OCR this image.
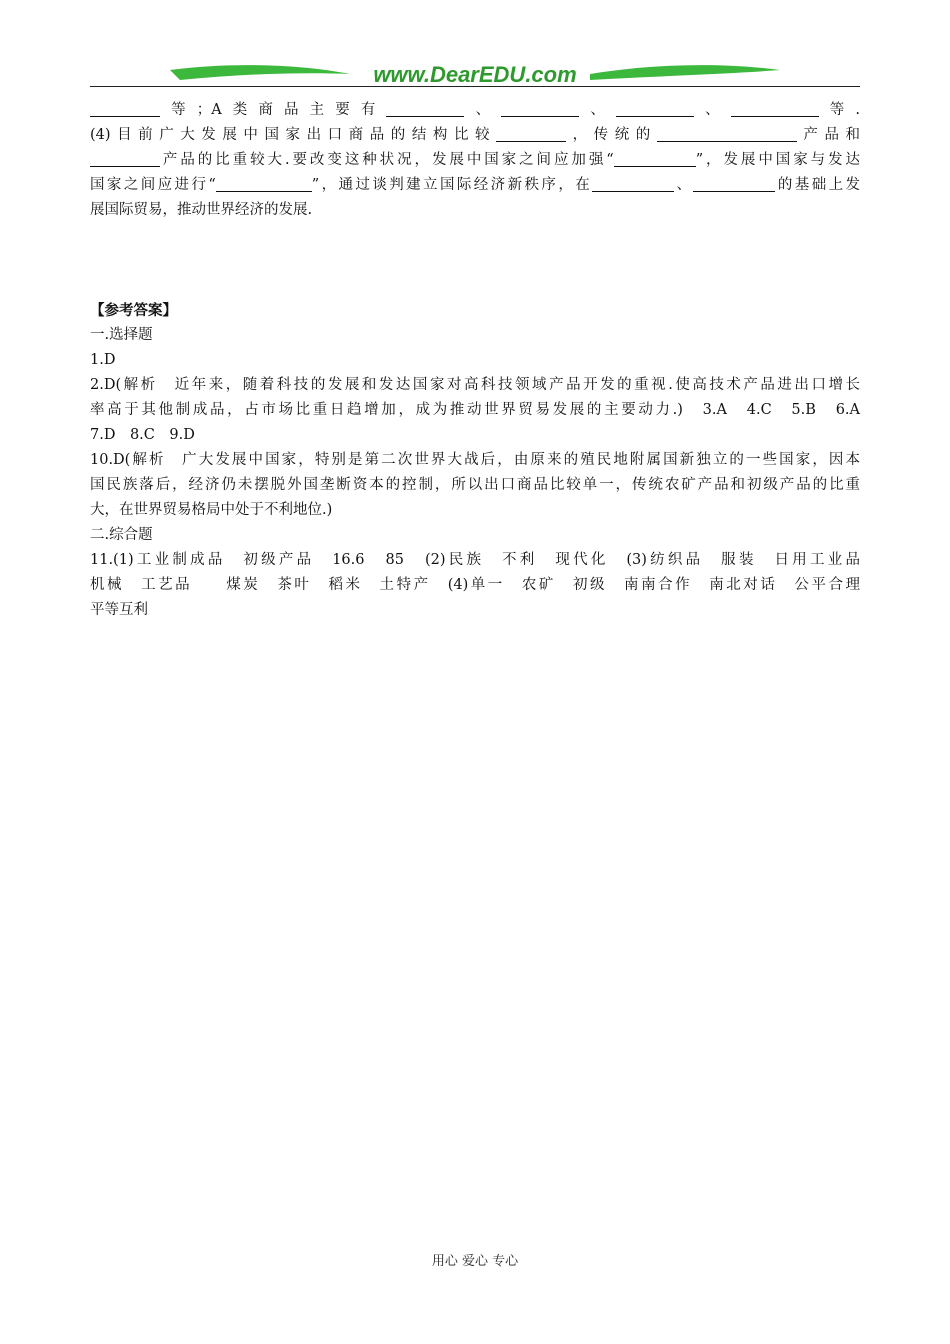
www.DearEDU.com
等；A类商品主要有	、	、	、	等.
(4)目前广大发展中国家出口商品的结构比较	，传统的	产品和
产品的比重较大.要改变这种状况，发展中国家之间应加强“	”，发展中国家与发达
国家之间应进行“	”，通过谈判建立国际经济新秩序，在	、	的基础上发
展国际贸易，推动世界经济的发展.
【参考答案】
一.选择题
1.D
2.D(解析　近年来，随着科技的发展和发达国家对高科技领域产品开发的重视.使高技术产品进出口增长
率高于其他制成品，占市场比重日趋增加，成为推动世界贸易发展的主要动力.)　3.A　4.C　5.B　6.A
7.D　8.C　9.D
10.D(解析　广大发展中国家，特别是第二次世界大战后，由原来的殖民地附属国新独立的一些国家，因本
国民族落后，经济仍未摆脱外国垄断资本的控制，所以出口商品比较单一，传统农矿产品和初级产品的比重
大，在世界贸易格局中处于不利地位.)
二.综合题
11.(1)工业制成品　初级产品　16.6　85　(2)民族　不利　现代化　(3)纺织品　服装　日用工业品
机械　工艺品　　煤炭　茶叶　稻米　土特产　(4)单一　农矿　初级　南南合作　南北对话　公平合理
平等互利
用心 爱心 专心
